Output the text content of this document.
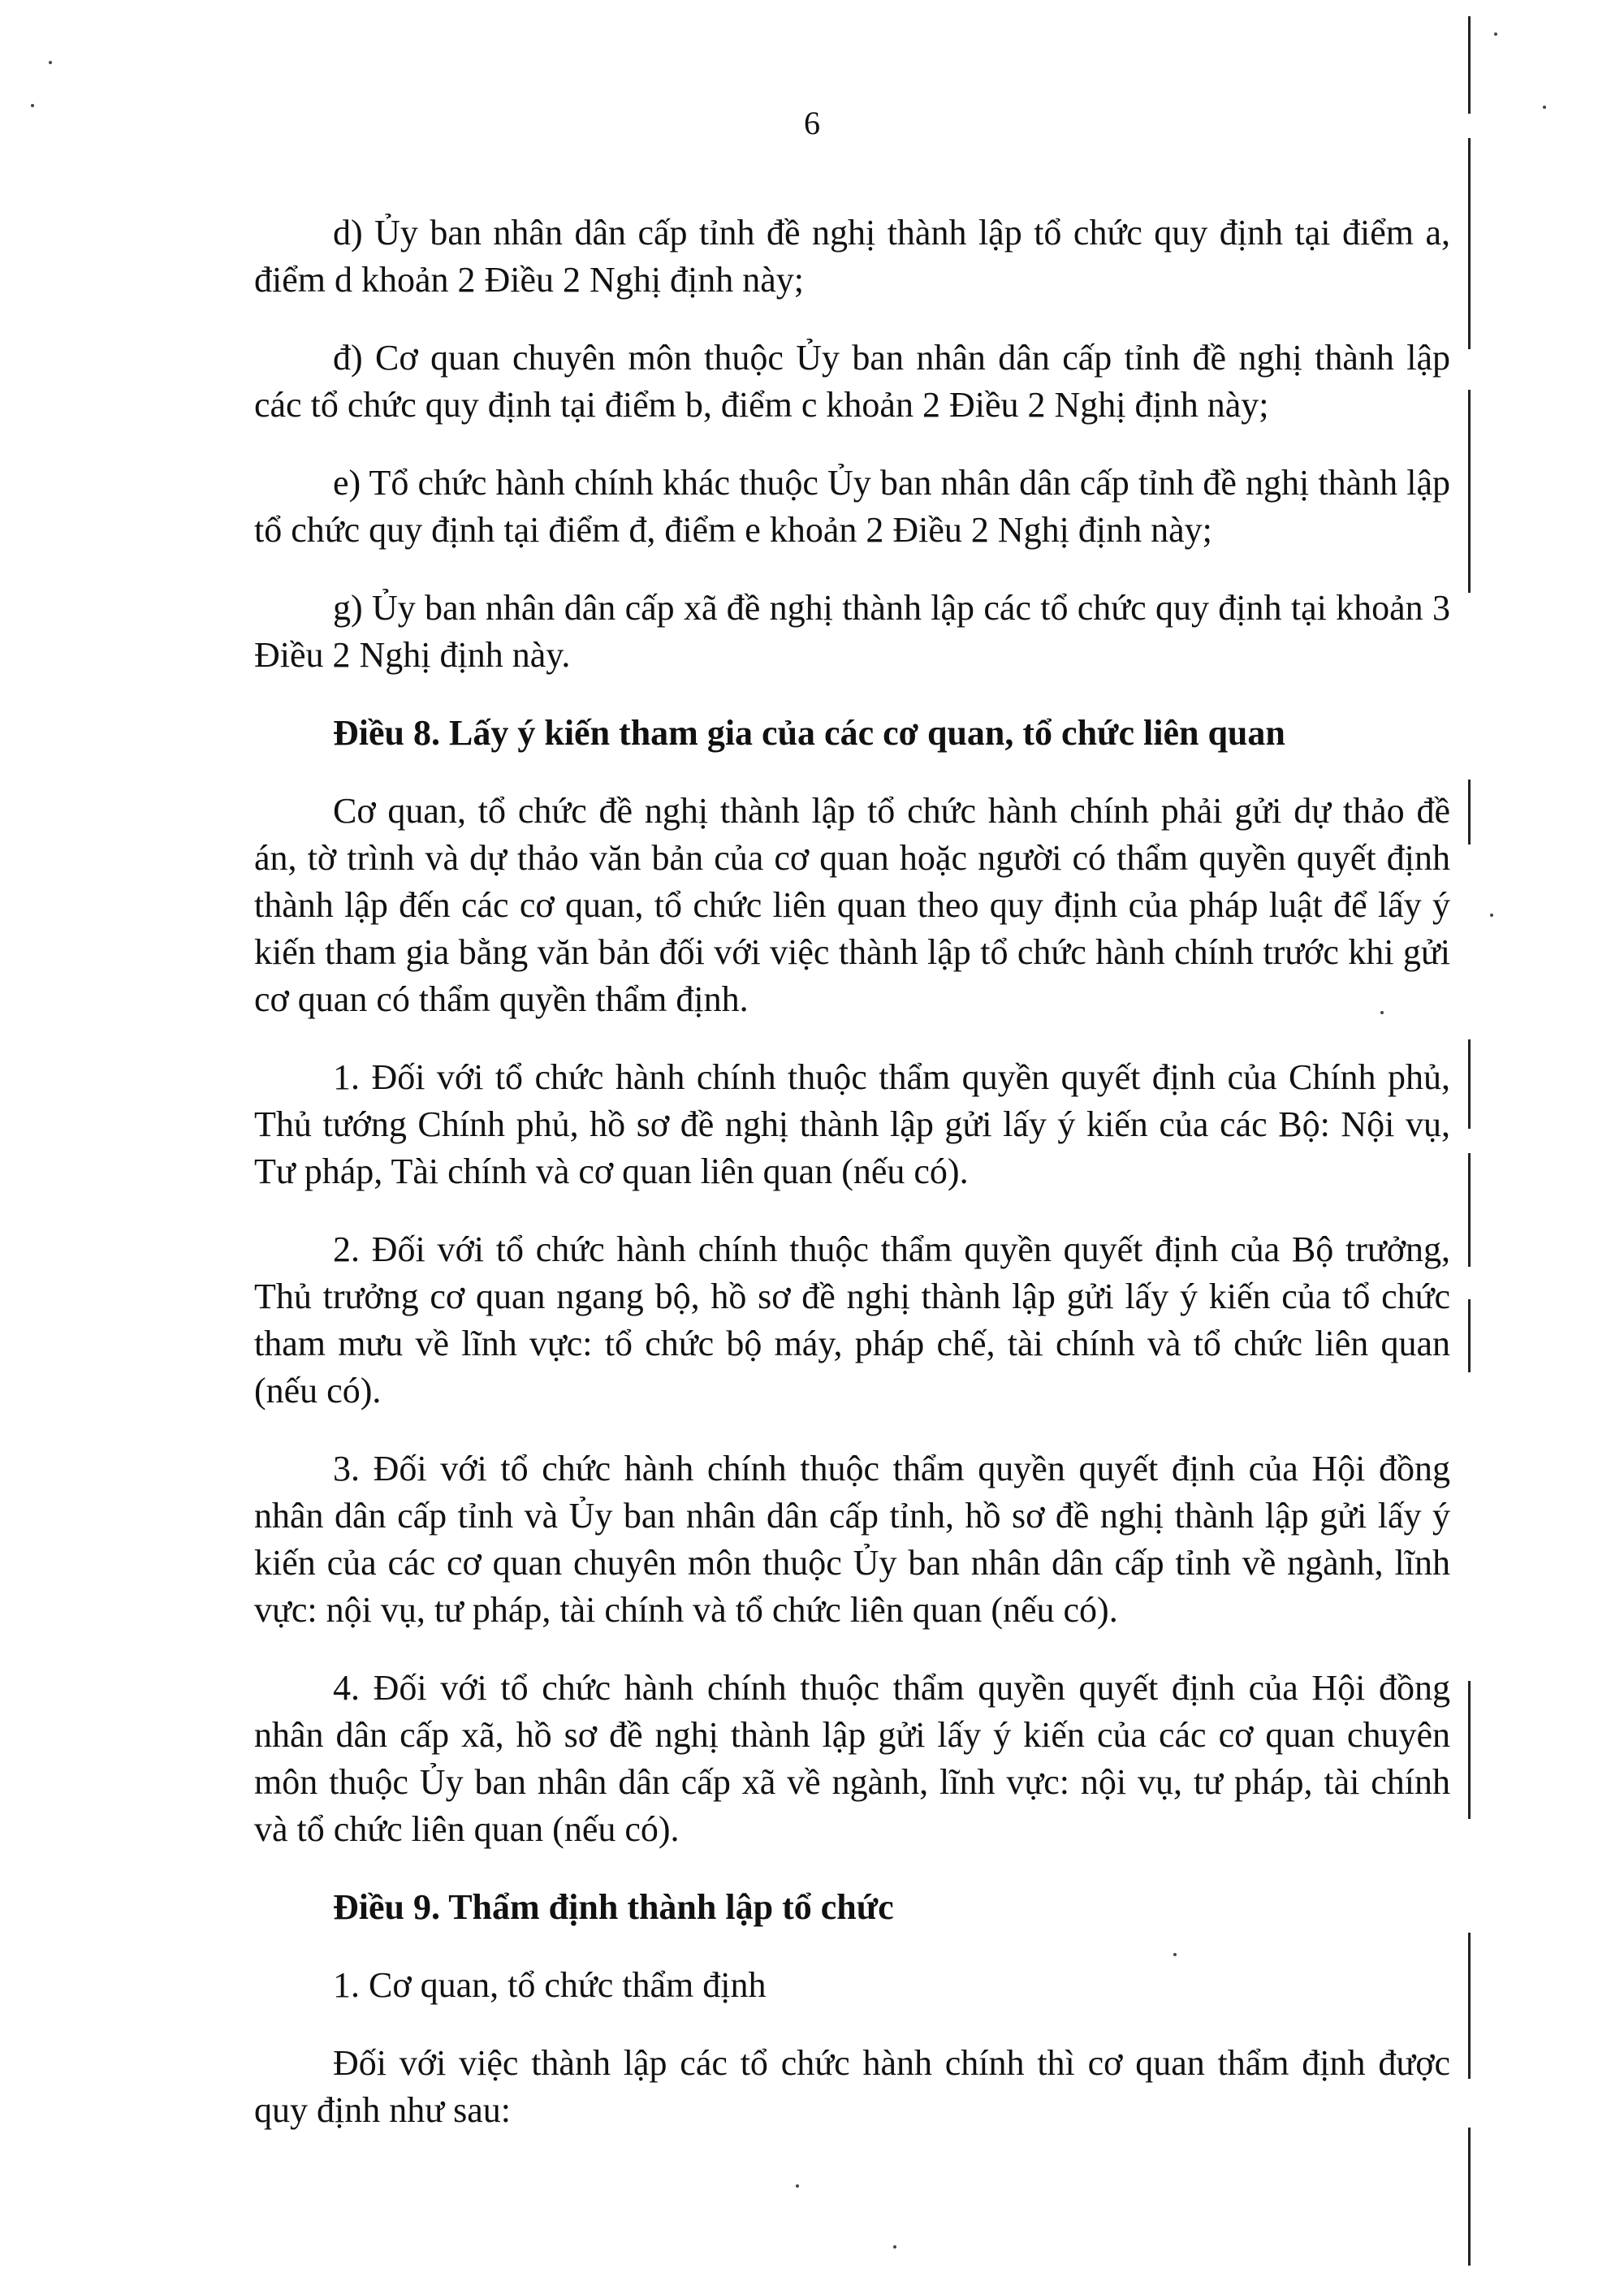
6

d) Ủy ban nhân dân cấp tỉnh đề nghị thành lập tổ chức quy định tại điểm a, điểm d khoản 2 Điều 2 Nghị định này;

đ) Cơ quan chuyên môn thuộc Ủy ban nhân dân cấp tỉnh đề nghị thành lập các tổ chức quy định tại điểm b, điểm c khoản 2 Điều 2 Nghị định này;

e) Tổ chức hành chính khác thuộc Ủy ban nhân dân cấp tỉnh đề nghị thành lập tổ chức quy định tại điểm đ, điểm e khoản 2 Điều 2 Nghị định này;

g) Ủy ban nhân dân cấp xã đề nghị thành lập các tổ chức quy định tại khoản 3 Điều 2 Nghị định này.

Điều 8. Lấy ý kiến tham gia của các cơ quan, tổ chức liên quan

Cơ quan, tổ chức đề nghị thành lập tổ chức hành chính phải gửi dự thảo đề án, tờ trình và dự thảo văn bản của cơ quan hoặc người có thẩm quyền quyết định thành lập đến các cơ quan, tổ chức liên quan theo quy định của pháp luật để lấy ý kiến tham gia bằng văn bản đối với việc thành lập tổ chức hành chính trước khi gửi cơ quan có thẩm quyền thẩm định.

1. Đối với tổ chức hành chính thuộc thẩm quyền quyết định của Chính phủ, Thủ tướng Chính phủ, hồ sơ đề nghị thành lập gửi lấy ý kiến của các Bộ: Nội vụ, Tư pháp, Tài chính và cơ quan liên quan (nếu có).

2. Đối với tổ chức hành chính thuộc thẩm quyền quyết định của Bộ trưởng, Thủ trưởng cơ quan ngang bộ, hồ sơ đề nghị thành lập gửi lấy ý kiến của tổ chức tham mưu về lĩnh vực: tổ chức bộ máy, pháp chế, tài chính và tổ chức liên quan (nếu có).

3. Đối với tổ chức hành chính thuộc thẩm quyền quyết định của Hội đồng nhân dân cấp tỉnh và Ủy ban nhân dân cấp tỉnh, hồ sơ đề nghị thành lập gửi lấy ý kiến của các cơ quan chuyên môn thuộc Ủy ban nhân dân cấp tỉnh về ngành, lĩnh vực: nội vụ, tư pháp, tài chính và tổ chức liên quan (nếu có).

4. Đối với tổ chức hành chính thuộc thẩm quyền quyết định của Hội đồng nhân dân cấp xã, hồ sơ đề nghị thành lập gửi lấy ý kiến của các cơ quan chuyên môn thuộc Ủy ban nhân dân cấp xã về ngành, lĩnh vực: nội vụ, tư pháp, tài chính và tổ chức liên quan (nếu có).

Điều 9. Thẩm định thành lập tổ chức

1. Cơ quan, tổ chức thẩm định

Đối với việc thành lập các tổ chức hành chính thì cơ quan thẩm định được quy định như sau:
